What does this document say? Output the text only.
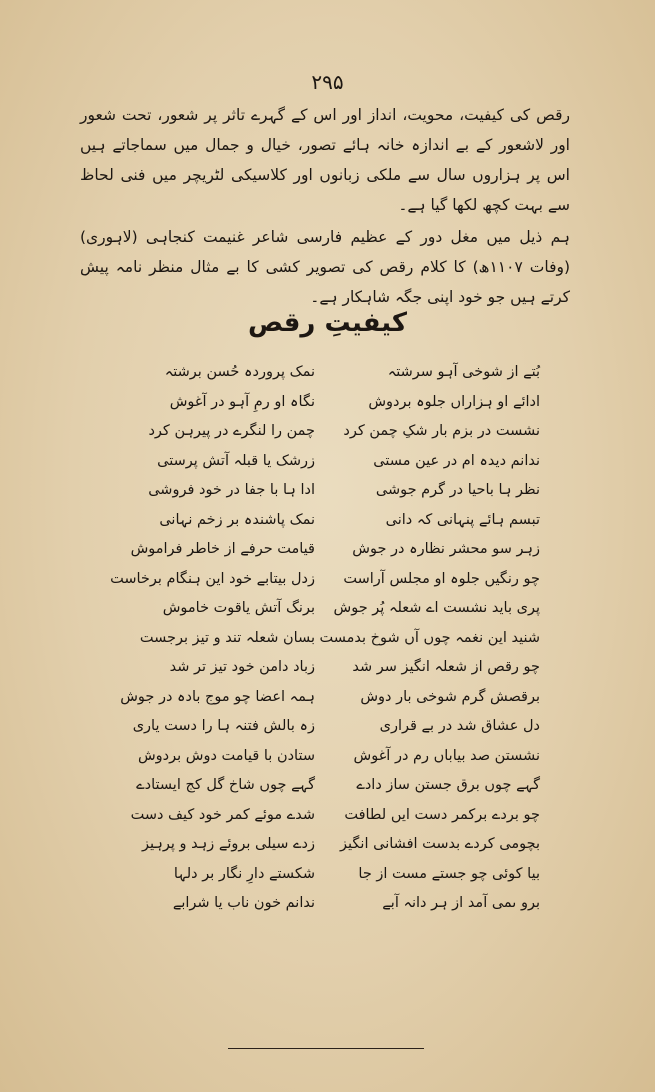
۲۹۵

رقص کی کیفیت، محویت، انداز اور اس کے گہرے تاثر پر شعور، تحت شعور اور لاشعور کے بے اندازہ خانہ ہائے تصور، خیال و جمال میں سماجاتے ہیں اس پر ہزاروں سال سے ملکی زبانوں اور کلاسیکی لٹریچر میں فنی لحاظ سے بہت کچھ لکھا گیا ہے۔

ہم ذیل میں مغل دور کے عظیم فارسی شاعر غنیمت کنجاہی (لاہوری) (وفات ۱۱۰۷ھ) کا کلام رقص کی تصویر کشی کا بے مثال منظر نامہ پیش کرتے ہیں جو خود اپنی جگہ شاہکار ہے۔

کیفیتِ رقص
بُتے از شوخی آہو سرشتہ
نمک پروردہ حُسن برشتہ
ادائے او ہزاراں جلوہ بردوش
نگاہ او رمِ آہو در آغوش
نشست در بزم بار شکِ چمن کرد
چمن را لنگرے در پیرہن کرد
ندانم دیدہ ام در عین مستی
زرشک یا قبلہ آتش پرستی
نظر ہا باحیا در گرم جوشی
ادا ہا با جفا در خود فروشی
تبسم ہائے پنہانی کہ دانی
نمک پاشندہ بر زخم نہانی
زہر سو محشر نظارہ در جوش
قیامت حرفے از خاطر فراموش
چو رنگیں جلوہ او مجلس آراست
زدل بیتابے خود این ہنگام برخاست
پری باید نشست اے شعلہ پُر جوش
برنگ آتش یاقوت خاموش
شنید این نغمہ چوں آں شوخ بدمست
بسان شعلہ تند و تیز برجست
چو رقص از شعلہ انگیز سر شد
زباد دامن خود تیز تر شد
برقصش گرم شوخی بار دوش
ہمہ اعضا چو موج بادہ در جوش
دل عشاق شد در بے قراری
زہ بالش فتنہ ہا را دست یاری
نشستن صد بیاباں رم در آغوش
ستادن با قیامت دوش بردوش
گہے چوں برق جستن ساز دادے
گہے چوں شاخ گل کج ایستادے
چو بردے برکمر دست ایں لطافت
شدے موئے کمر خود کیف دست
بچومی کردے بدست افشانی انگیز
زدے سیلی بروئے زہد و پرہیز
بیا کوئی چو جستے مست از جا
شکستے دارِ نگار بر دلہا
برو ںمی آمد از ہر دانہ آبے
ندانم خون ناب یا شرابے
